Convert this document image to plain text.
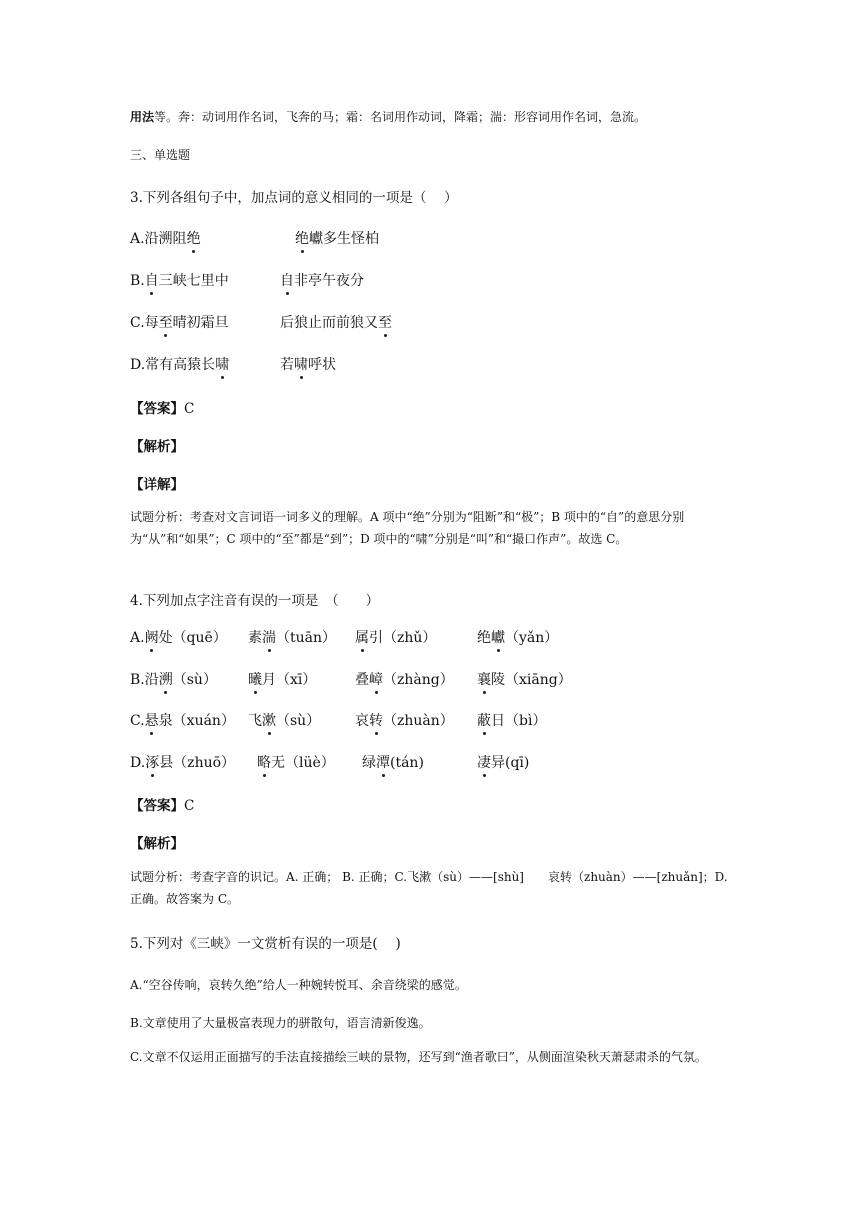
用法等。奔：动词用作名词，飞奔的马；霜：名词用作动词，降霜；湍：形容词用作名词，急流。

三、单选题

3.下列各组句子中，加点词的意义相同的一项是（　 ）

A.沿溯阻绝	绝巘多生怪柏
B.自三峡七里中	自非亭午夜分
C.每至晴初霜旦	后狼止而前狼又至
D.常有高猿长啸	若啸呼状

【答案】C

【解析】

【详解】

试题分析：考查对文言词语一词多义的理解。A 项中“绝”分别为“阻断”和“极”；B 项中的“自”的意思分别为“从”和“如果”；C 项中的“至”都是“到”；D 项中的“啸”分别是“叫”和“撮口作声”。故选 C。

4.下列加点字注音有误的一项是　（　　）

A.阙处（quē） 素湍（tuān） 属引（zhǔ）	绝巘（yǎn）
B.沿溯（sù） 曦月（xī）	叠嶂（zhàng） 襄陵（xiāng）
C.悬泉（xuán） 飞漱（sù） 哀转（zhuàn） 蔽日（bì）
D.涿县（zhuō） 略无（lüè） 绿潭(tán)	凄异(qī)

【答案】C

【解析】

试题分析：考查字音的识记。A. 正确； B. 正确；C.飞漱（sù）——[shù]　　哀转（zhuàn）——[zhuǎn]；D. 正确。故答案为 C。

5.下列对《三峡》一文赏析有误的一项是(　 )

A.“空谷传响，哀转久绝”给人一种婉转悦耳、余音绕梁的感觉。

B.文章使用了大量极富表现力的骈散句，语言清新俊逸。

C.文章不仅运用正面描写的手法直接描绘三峡的景物，还写到“渔者歌曰”，从侧面渲染秋天萧瑟肃杀的气氛。
